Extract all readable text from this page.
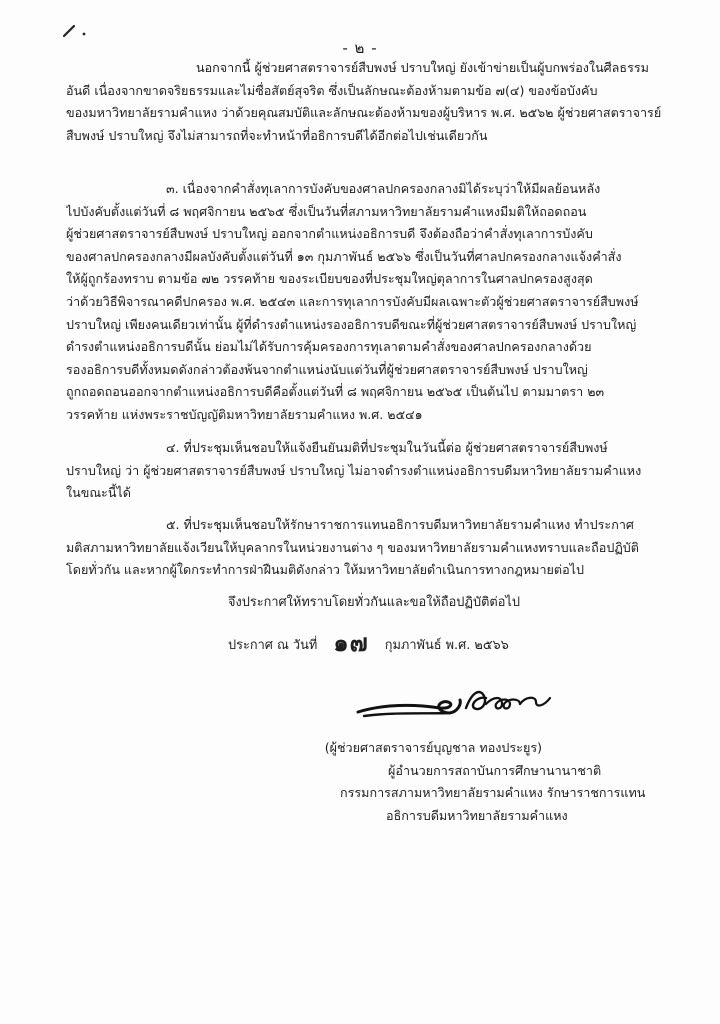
- ๒ -
นอกจากนี้ ผู้ช่วยศาสตราจารย์สืบพงษ์ ปราบใหญ่ ยังเข้าข่ายเป็นผู้บกพร่องในศีลธรรม
อันดี เนื่องจากขาดจริยธรรมและไม่ซื่อสัตย์สุจริต ซึ่งเป็นลักษณะต้องห้ามตามข้อ ๗(๔) ของข้อบังคับ
ของมหาวิทยาลัยรามคำแหง ว่าด้วยคุณสมบัติและลักษณะต้องห้ามของผู้บริหาร พ.ศ. ๒๕๖๒ ผู้ช่วยศาสตราจารย์
สืบพงษ์ ปราบใหญ่ จึงไม่สามารถที่จะทำหน้าที่อธิการบดีได้อีกต่อไปเช่นเดียวกัน
๓. เนื่องจากคำสั่งทุเลาการบังคับของศาลปกครองกลางมิได้ระบุว่าให้มีผลย้อนหลัง
ไปบังคับตั้งแต่วันที่ ๘ พฤศจิกายน ๒๕๖๕ ซึ่งเป็นวันที่สภามหาวิทยาลัยรามคำแหงมีมติให้ถอดถอน
ผู้ช่วยศาสตราจารย์สืบพงษ์ ปราบใหญ่ ออกจากตำแหน่งอธิการบดี จึงต้องถือว่าคำสั่งทุเลาการบังคับ
ของศาลปกครองกลางมีผลบังคับตั้งแต่วันที่ ๑๓ กุมภาพันธ์ ๒๕๖๖ ซึ่งเป็นวันที่ศาลปกครองกลางแจ้งคำสั่ง
ให้ผู้ถูกร้องทราบ ตามข้อ ๗๒ วรรคท้าย ของระเบียบของที่ประชุมใหญ่ตุลาการในศาลปกครองสูงสุด
ว่าด้วยวิธีพิจารณาคดีปกครอง พ.ศ. ๒๕๔๓ และการทุเลาการบังคับมีผลเฉพาะตัวผู้ช่วยศาสตราจารย์สืบพงษ์
ปราบใหญ่ เพียงคนเดียวเท่านั้น ผู้ที่ดำรงตำแหน่งรองอธิการบดีขณะที่ผู้ช่วยศาสตราจารย์สืบพงษ์ ปราบใหญ่
ดำรงตำแหน่งอธิการบดีนั้น ย่อมไม่ได้รับการคุ้มครองการทุเลาตามคำสั่งของศาลปกครองกลางด้วย
รองอธิการบดีทั้งหมดดังกล่าวต้องพ้นจากตำแหน่งนับแต่วันที่ผู้ช่วยศาสตราจารย์สืบพงษ์ ปราบใหญ่
ถูกถอดถอนออกจากตำแหน่งอธิการบดีคือตั้งแต่วันที่ ๘ พฤศจิกายน ๒๕๖๕ เป็นต้นไป ตามมาตรา ๒๓
วรรคท้าย แห่งพระราชบัญญัติมหาวิทยาลัยรามคำแหง พ.ศ. ๒๕๔๑
๔. ที่ประชุมเห็นชอบให้แจ้งยืนยันมติที่ประชุมในวันนี้ต่อ ผู้ช่วยศาสตราจารย์สืบพงษ์
ปราบใหญ่ ว่า ผู้ช่วยศาสตราจารย์สืบพงษ์ ปราบใหญ่ ไม่อาจดำรงตำแหน่งอธิการบดีมหาวิทยาลัยรามคำแหง
ในขณะนี้ได้
๕. ที่ประชุมเห็นชอบให้รักษาราชการแทนอธิการบดีมหาวิทยาลัยรามคำแหง ทำประกาศ
มติสภามหาวิทยาลัยแจ้งเวียนให้บุคลากรในหน่วยงานต่าง ๆ ของมหาวิทยาลัยรามคำแหงทราบและถือปฏิบัติ
โดยทั่วกัน และหากผู้ใดกระทำการฝ่าฝืนมติดังกล่าว ให้มหาวิทยาลัยดำเนินการทางกฎหมายต่อไป
จึงประกาศให้ทราบโดยทั่วกันและขอให้ถือปฏิบัติต่อไป
ประกาศ ณ วันที่ ๑๗ กุมภาพันธ์ พ.ศ. ๒๕๖๖
(ผู้ช่วยศาสตราจารย์บุญชาล ทองประยูร)
ผู้อำนวยการสถาบันการศึกษานานาชาติ
กรรมการสภามหาวิทยาลัยรามคำแหง รักษาราชการแทน
อธิการบดีมหาวิทยาลัยรามคำแหง
